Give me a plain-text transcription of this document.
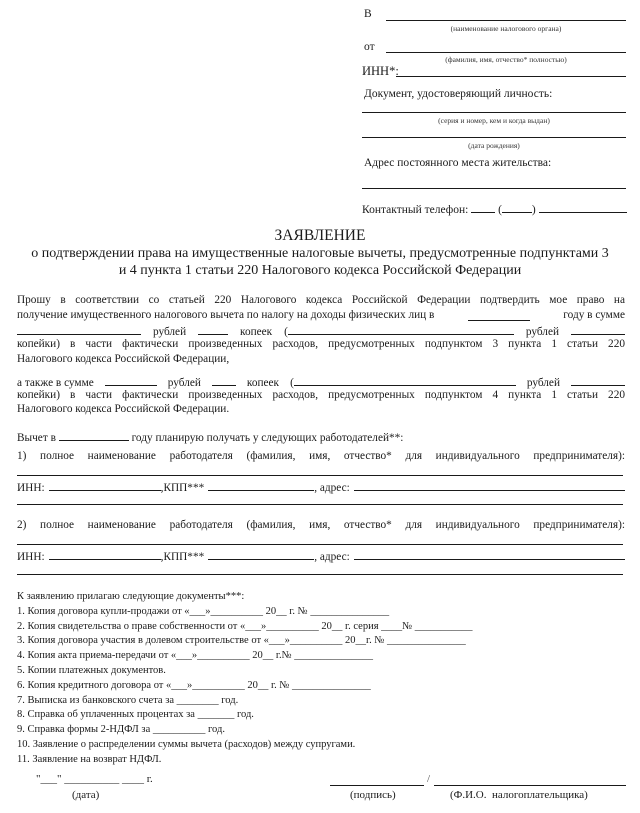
В
(наименование налогового органа)
от
(фамилия, имя, отчество* полностью)
ИНН*:
Документ, удостоверяющий личность:
(серия и номер, кем и когда выдан)
(дата рождения)
Адрес постоянного места жительства:
Контактный телефон:	(	)
ЗАЯВЛЕНИЕ
о подтверждении права на имущественные налоговые вычеты, предусмотренные подпунктами 3
и 4 пункта 1 статьи 220 Налогового кодекса Российской Федерации
Прошу в соответствии со статьей 220 Налогового кодекса Российской Федерации подтвердить мое право на
получение имущественного налогового вычета по налогу на доходы физических лиц в	году в сумме
рублей	копеек (	рублей
копейки) в части фактически произведенных расходов, предусмотренных подпунктом 3 пункта 1 статьи 220
Налогового кодекса Российской Федерации,
а также в сумме	рублей	копеек (	рублей
копейки) в части фактически произведенных расходов, предусмотренных подпунктом 4 пункта 1 статьи 220
Налогового кодекса Российской Федерации.
Вычет в	году планирую получать у следующих работодателей**:
1) полное наименование работодателя (фамилия, имя, отчество* для индивидуального предпринимателя):
ИНН:	,КПП***	, адрес:
2) полное наименование работодателя (фамилия, имя, отчество* для индивидуального предпринимателя):
ИНН:	,КПП***	, адрес:
К заявлению прилагаю следующие документы***:
1. Копия договора купли-продажи от «___»__________ 20__ г. № _______________
2. Копия свидетельства о праве собственности от «___»__________ 20__ г. серия ____№ ___________
3. Копия договора участия в долевом строительстве от «___»__________ 20__г. № _______________
4. Копия акта приема-передачи от «___»__________ 20__ г.№ _______________
5. Копии платежных документов.
6. Копия кредитного договора от «___»__________ 20__ г. № _______________
7. Выписка из банковского счета за ________ год.
8. Справка об уплаченных процентах за _______ год.
9. Справка формы 2-НДФЛ за __________ год.
10. Заявление о распределении суммы вычета (расходов) между супругами.
11. Заявление на возврат НДФЛ.
"___" __________ ____ г.
(дата)
/
(подпись)	(Ф.И.О.  налогоплательщика)
